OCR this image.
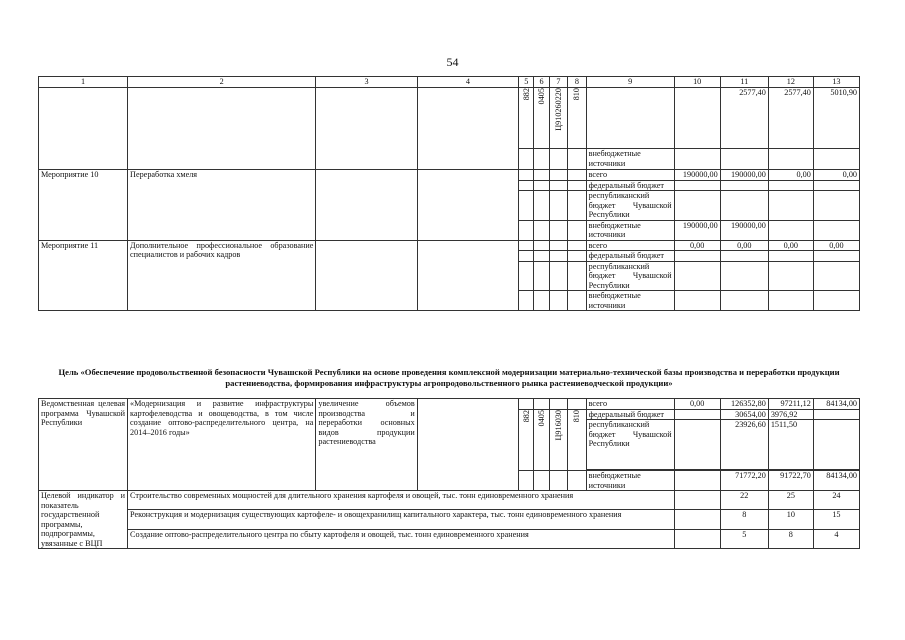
54
1	2	3	4	5	6	7	8	9	10	11	12	13

				882	0405	Ц910260220	810			2577,40	2577,40	5010,90
								внебюджетные источники				
Мероприятие 10	Переработка хмеля							всего	190000,00	190000,00	0,00	0,00
								федеральный бюджет				
								республиканский бюджет Чувашской Республики				
								внебюджетные источники	190000,00	190000,00		
Мероприятие 11	Дополнительное профессиональное образование специалистов и рабочих кадров							всего	0,00	0,00	0,00	0,00
								федеральный бюджет				
								республиканский бюджет Чувашской Республики				
								внебюджетные источники				
Цель «Обеспечение продовольственной безопасности Чувашской Республики на основе проведения комплексной модернизации материально-технической базы производства и переработки продукции растениеводства, формирования инфраструктуры агропродовольственного рынка растениеводческой продукции»
Ведомственная целевая программа Чувашской Республики	«Модернизация и развитие инфраструктуры картофелеводства и овощеводства, в том числе создание оптово-распределительного центра, на 2014–2016 годы»	увеличение объемов производства и переработки основных видов продукции растениеводства						всего	0,00	126352,80	97211,12	84134,00

				882	0405	Ц916030	810	федеральный бюджет		30654,00	3976,92	
								республиканский бюджет Чувашской Республики		23926,60	1511,50	

								внебюджетные источники		71772,20	91722,70	84134,00
Целевой индикатор и показатель государственной программы, подпрограммы, увязанные с ВЦП	Строительство современных мощностей для длительного хранения картофеля и овощей, тыс. тонн единовременного хранения									22	25	24
	Реконструкция и модернизация существующих картофеле- и овощехранилищ капитального характера, тыс. тонн единовременного хранения									8	10	15
	Создание оптово-распределительного центра по сбыту картофеля и овощей, тыс. тонн единовременного хранения									5	8	4
